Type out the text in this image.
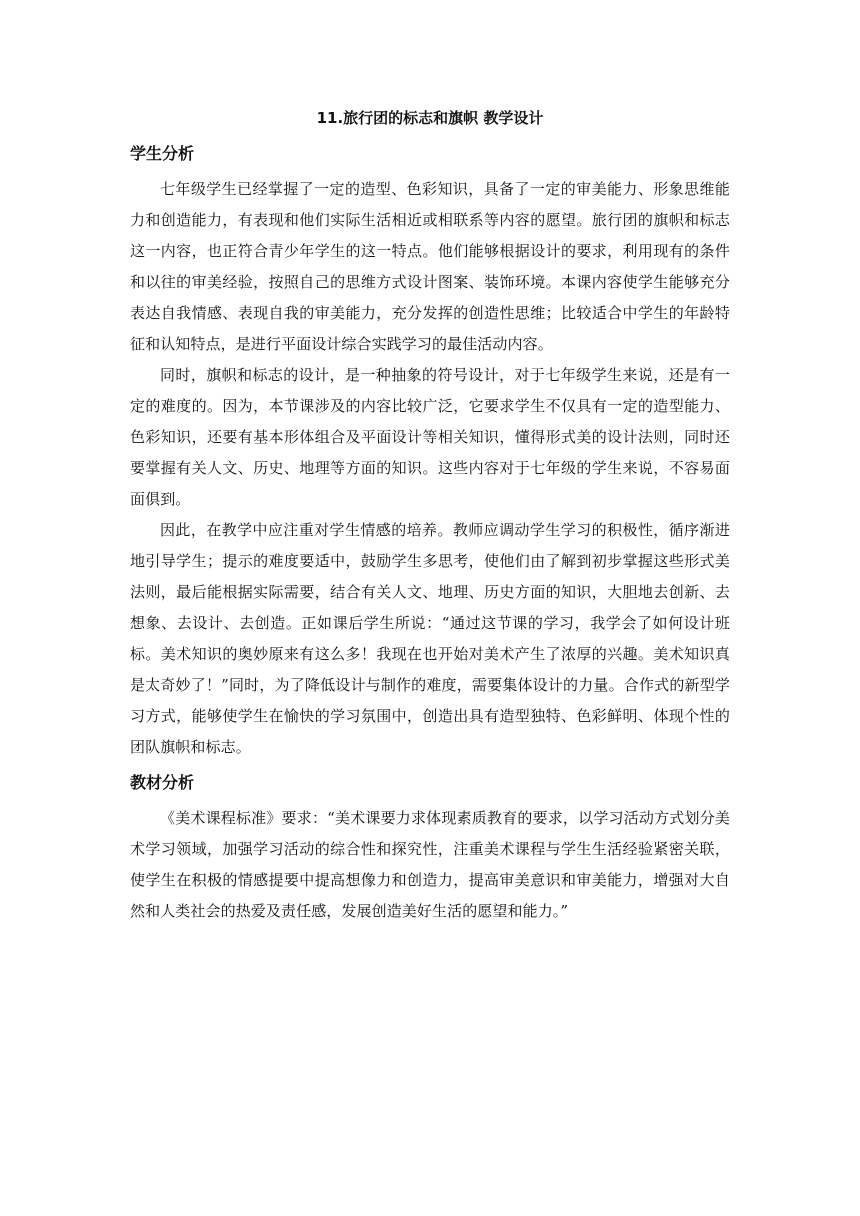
11.旅行团的标志和旗帜 教学设计
学生分析

七年级学生已经掌握了一定的造型、色彩知识，具备了一定的审美能力、形象思维能力和创造能力，有表现和他们实际生活相近或相联系等内容的愿望。旅行团的旗帜和标志这一内容，也正符合青少年学生的这一特点。他们能够根据设计的要求，利用现有的条件和以往的审美经验，按照自己的思维方式设计图案、装饰环境。本课内容使学生能够充分表达自我情感、表现自我的审美能力，充分发挥的创造性思维；比较适合中学生的年龄特征和认知特点，是进行平面设计综合实践学习的最佳活动内容。

同时，旗帜和标志的设计，是一种抽象的符号设计，对于七年级学生来说，还是有一定的难度的。因为，本节课涉及的内容比较广泛，它要求学生不仅具有一定的造型能力、色彩知识，还要有基本形体组合及平面设计等相关知识，懂得形式美的设计法则，同时还要掌握有关人文、历史、地理等方面的知识。这些内容对于七年级的学生来说，不容易面面俱到。

因此，在教学中应注重对学生情感的培养。教师应调动学生学习的积极性，循序渐进地引导学生；提示的难度要适中，鼓励学生多思考，使他们由了解到初步掌握这些形式美法则，最后能根据实际需要，结合有关人文、地理、历史方面的知识，大胆地去创新、去想象、去设计、去创造。正如课后学生所说：“通过这节课的学习，我学会了如何设计班标。美术知识的奥妙原来有这么多！我现在也开始对美术产生了浓厚的兴趣。美术知识真是太奇妙了！”同时，为了降低设计与制作的难度，需要集体设计的力量。合作式的新型学习方式，能够使学生在愉快的学习氛围中，创造出具有造型独特、色彩鲜明、体现个性的团队旗帜和标志。

教材分析

《美术课程标准》要求：“美术课要力求体现素质教育的要求，以学习活动方式划分美术学习领域，加强学习活动的综合性和探究性，注重美术课程与学生生活经验紧密关联，使学生在积极的情感提要中提高想像力和创造力，提高审美意识和审美能力，增强对大自然和人类社会的热爱及责任感，发展创造美好生活的愿望和能力。”
